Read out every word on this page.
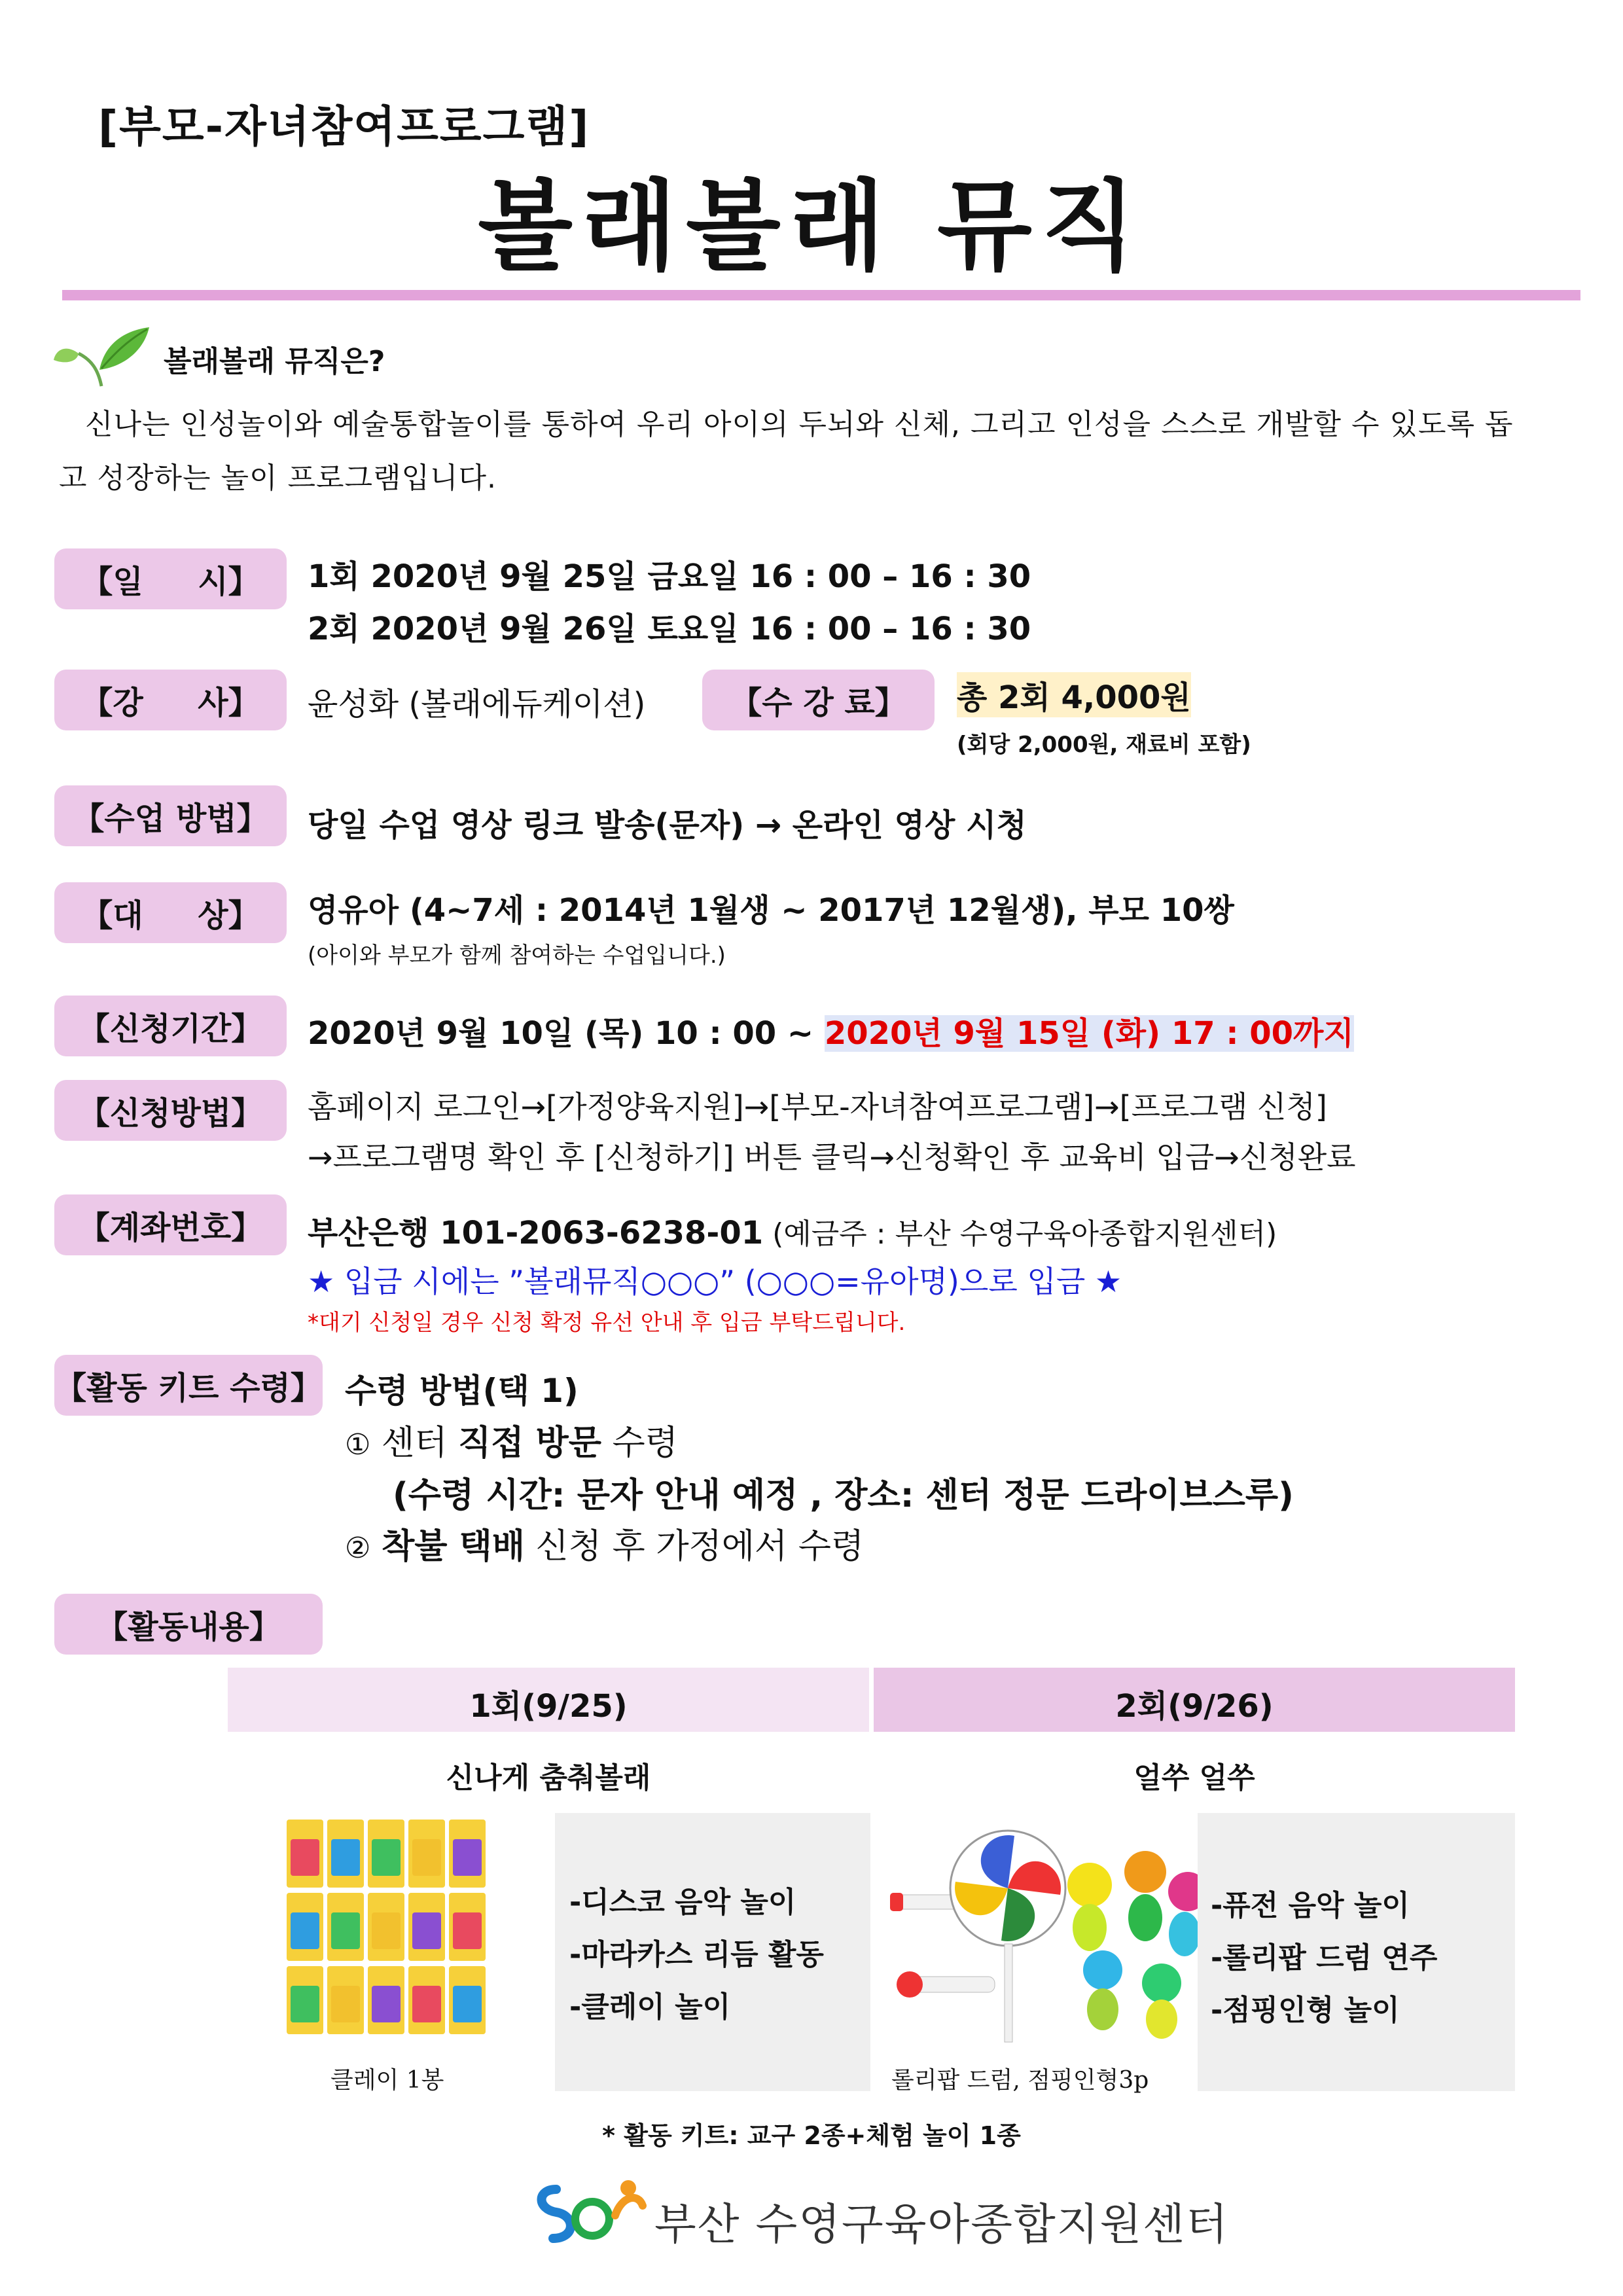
[부모-자녀참여프로그램]
볼래볼래 뮤직
볼래볼래 뮤직은?
신나는 인성놀이와 예술통합놀이를 통하여 우리 아이의 두뇌와 신체, 그리고 인성을 스스로 개발할 수 있도록 돕고 성장하는 놀이 프로그램입니다.
【일     시】	1회 2020년 9월 25일 금요일 16 : 00 – 16 : 30
2회 2020년 9월 26일 토요일 16 : 00 – 16 : 30
【강     사】	윤성화 (볼래에듀케이션)	【수 강 료】	총 2회 4,000원
(회당 2,000원, 재료비 포함)
【수업 방법】	당일 수업 영상 링크 발송(문자) → 온라인 영상 시청
【대     상】	영유아 (4~7세 : 2014년 1월생 ~ 2017년 12월생), 부모 10쌍
(아이와 부모가 함께 참여하는 수업입니다.)
【신청기간】	2020년 9월 10일 (목) 10 : 00 ~ 2020년 9월 15일 (화) 17 : 00까지
【신청방법】	홈페이지 로그인→[가정양육지원]→[부모-자녀참여프로그램]→[프로그램 신청]
→프로그램명 확인 후 [신청하기] 버튼 클릭→신청확인 후 교육비 입금→신청완료
【계좌번호】	부산은행 101-2063-6238-01 (예금주 : 부산 수영구육아종합지원센터)
★ 입금 시에는 ”볼래뮤직○○○” (○○○=유아명)으로 입금 ★
*대기 신청일 경우 신청 확정 유선 안내 후 입금 부탁드립니다.
【활동 키트 수령】 수령 방법(택 1)
① 센터 직접 방문 수령
(수령 시간: 문자 안내 예정 , 장소: 센터 정문 드라이브스루)
② 착불 택배 신청 후 가정에서 수령
【활동내용】
1회(9/25)	2회(9/26)
신나게 춤춰볼래	얼쑤 얼쑤
클레이 1봉
-디스코 음악 놀이
-마라카스 리듬 활동
-클레이 놀이
롤리팝 드럼, 점핑인형3p
-퓨전 음악 놀이
-롤리팝 드럼 연주
-점핑인형 놀이
* 활동 키트: 교구 2종+체험 놀이 1종
부산 수영구육아종합지원센터
